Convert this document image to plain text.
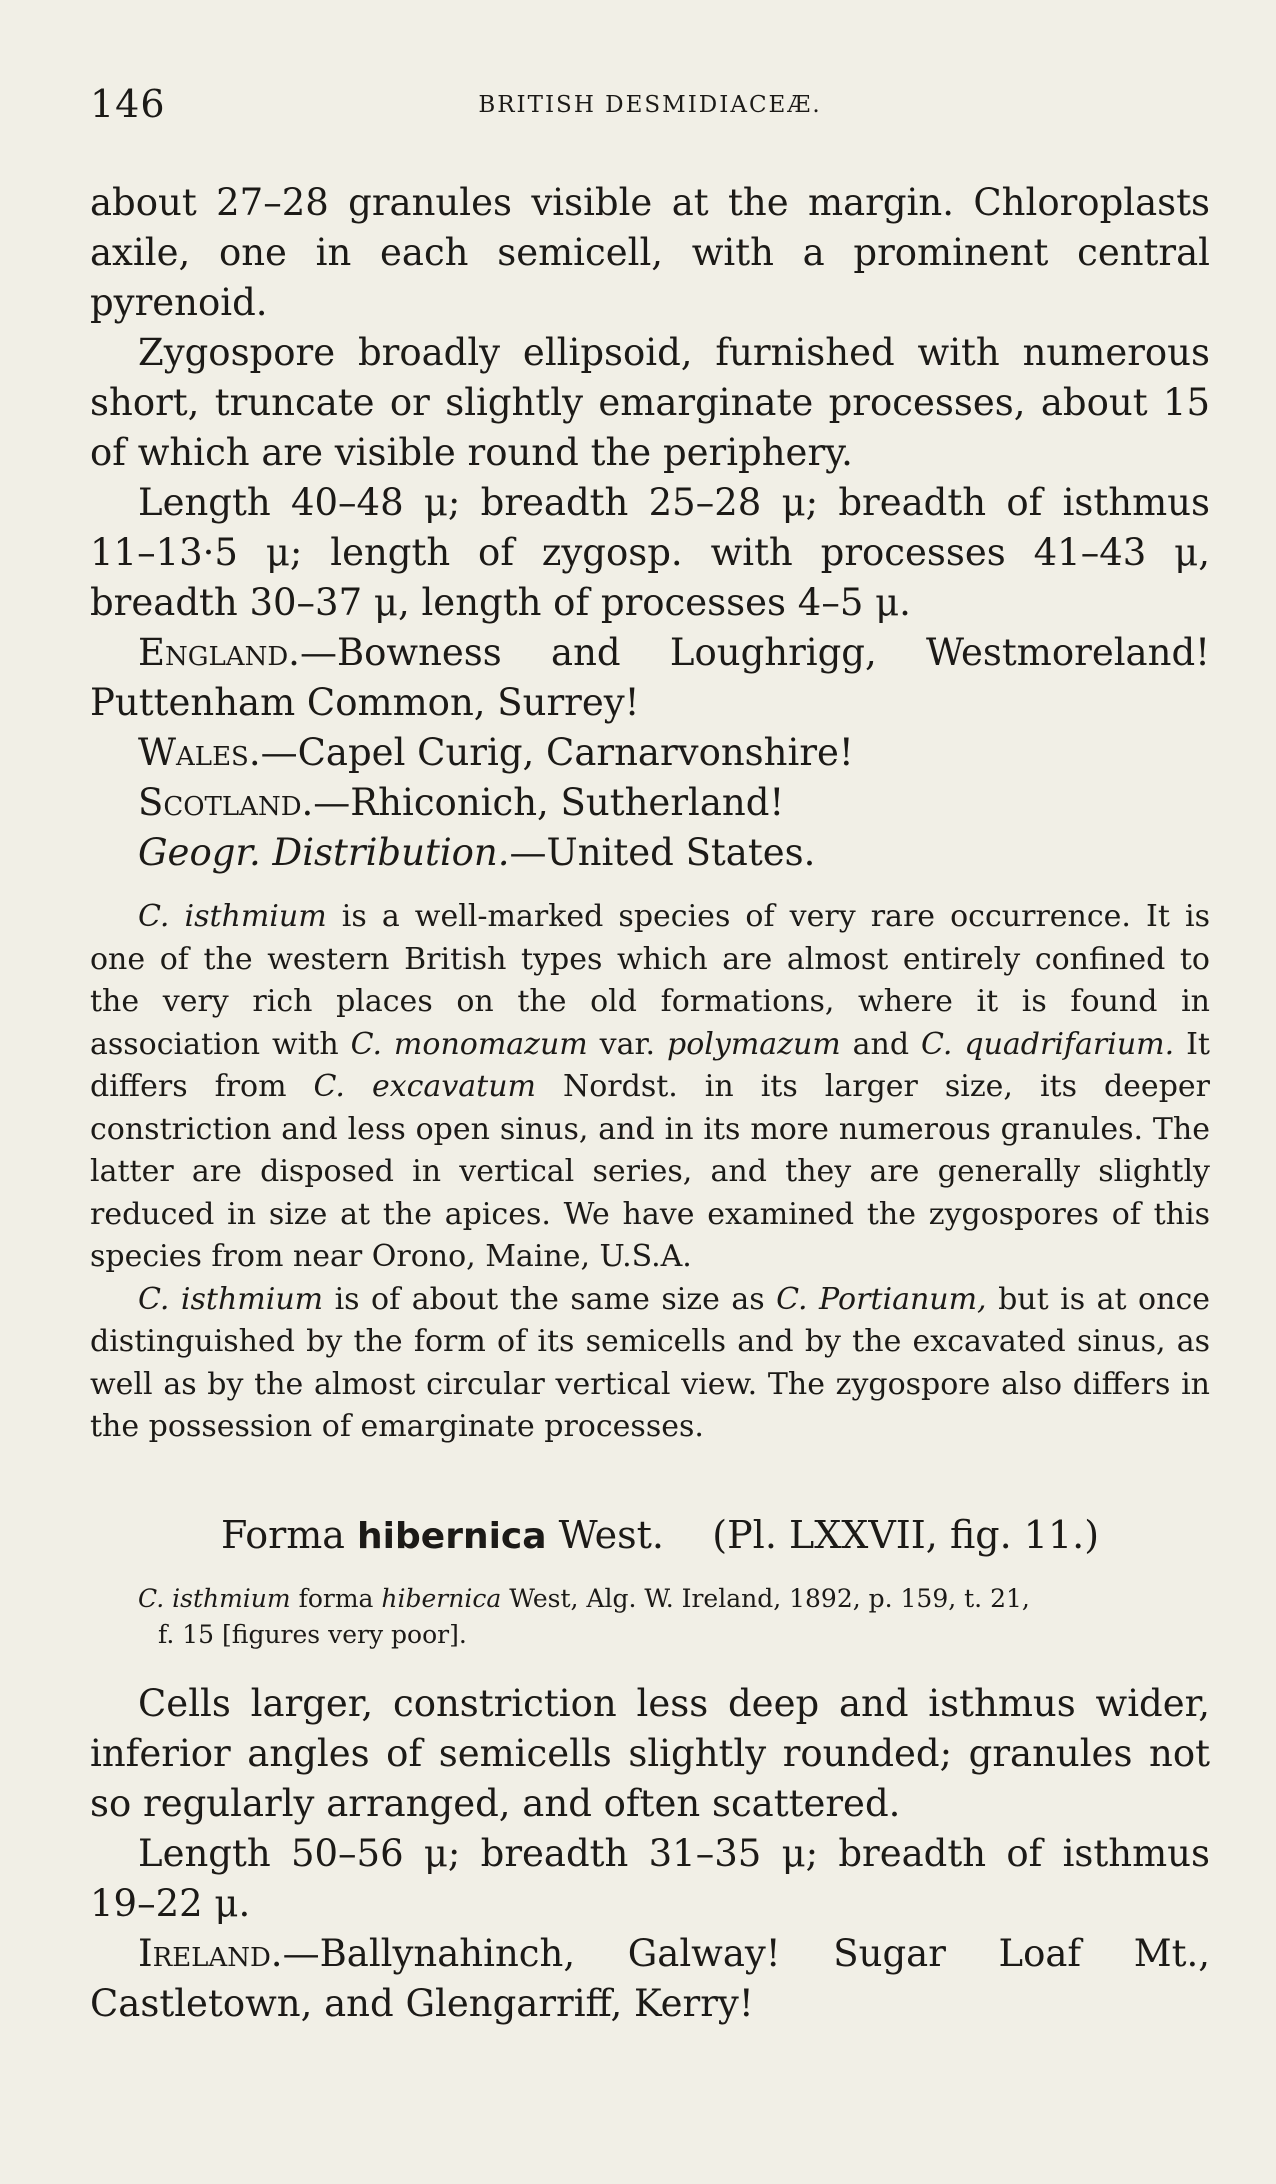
146	BRITISH DESMIDIACEÆ.

about 27–28 granules visible at the margin. Chloroplasts axile, one in each semicell, with a prominent central pyrenoid.

Zygospore broadly ellipsoid, furnished with numerous short, truncate or slightly emarginate processes, about 15 of which are visible round the periphery.

Length 40–48 μ; breadth 25–28 μ; breadth of isthmus 11–13·5 μ; length of zygosp. with processes 41–43 μ, breadth 30–37 μ, length of processes 4–5 μ.

England.—Bowness and Loughrigg, Westmoreland! Puttenham Common, Surrey!

Wales.—Capel Curig, Carnarvonshire!

Scotland.—Rhiconich, Sutherland!

Geogr. Distribution.—United States.

C. isthmium is a well-marked species of very rare occurrence. It is one of the western British types which are almost entirely confined to the very rich places on the old formations, where it is found in association with C. monomazum var. polymazum and C. quadrifarium. It differs from C. excavatum Nordst. in its larger size, its deeper constriction and less open sinus, and in its more numerous granules. The latter are disposed in vertical series, and they are generally slightly reduced in size at the apices. We have examined the zygospores of this species from near Orono, Maine, U.S.A.

C. isthmium is of about the same size as C. Portianum, but is at once distinguished by the form of its semicells and by the excavated sinus, as well as by the almost circular vertical view. The zygospore also differs in the possession of emarginate processes.

Forma hibernica West. (Pl. LXXVII, fig. 11.)

C. isthmium forma hibernica West, Alg. W. Ireland, 1892, p. 159, t. 21,
f. 15 [figures very poor].

Cells larger, constriction less deep and isthmus wider, inferior angles of semicells slightly rounded; granules not so regularly arranged, and often scattered.

Length 50–56 μ; breadth 31–35 μ; breadth of isthmus 19–22 μ.

Ireland.—Ballynahinch, Galway! Sugar Loaf Mt., Castletown, and Glengarriff, Kerry!
